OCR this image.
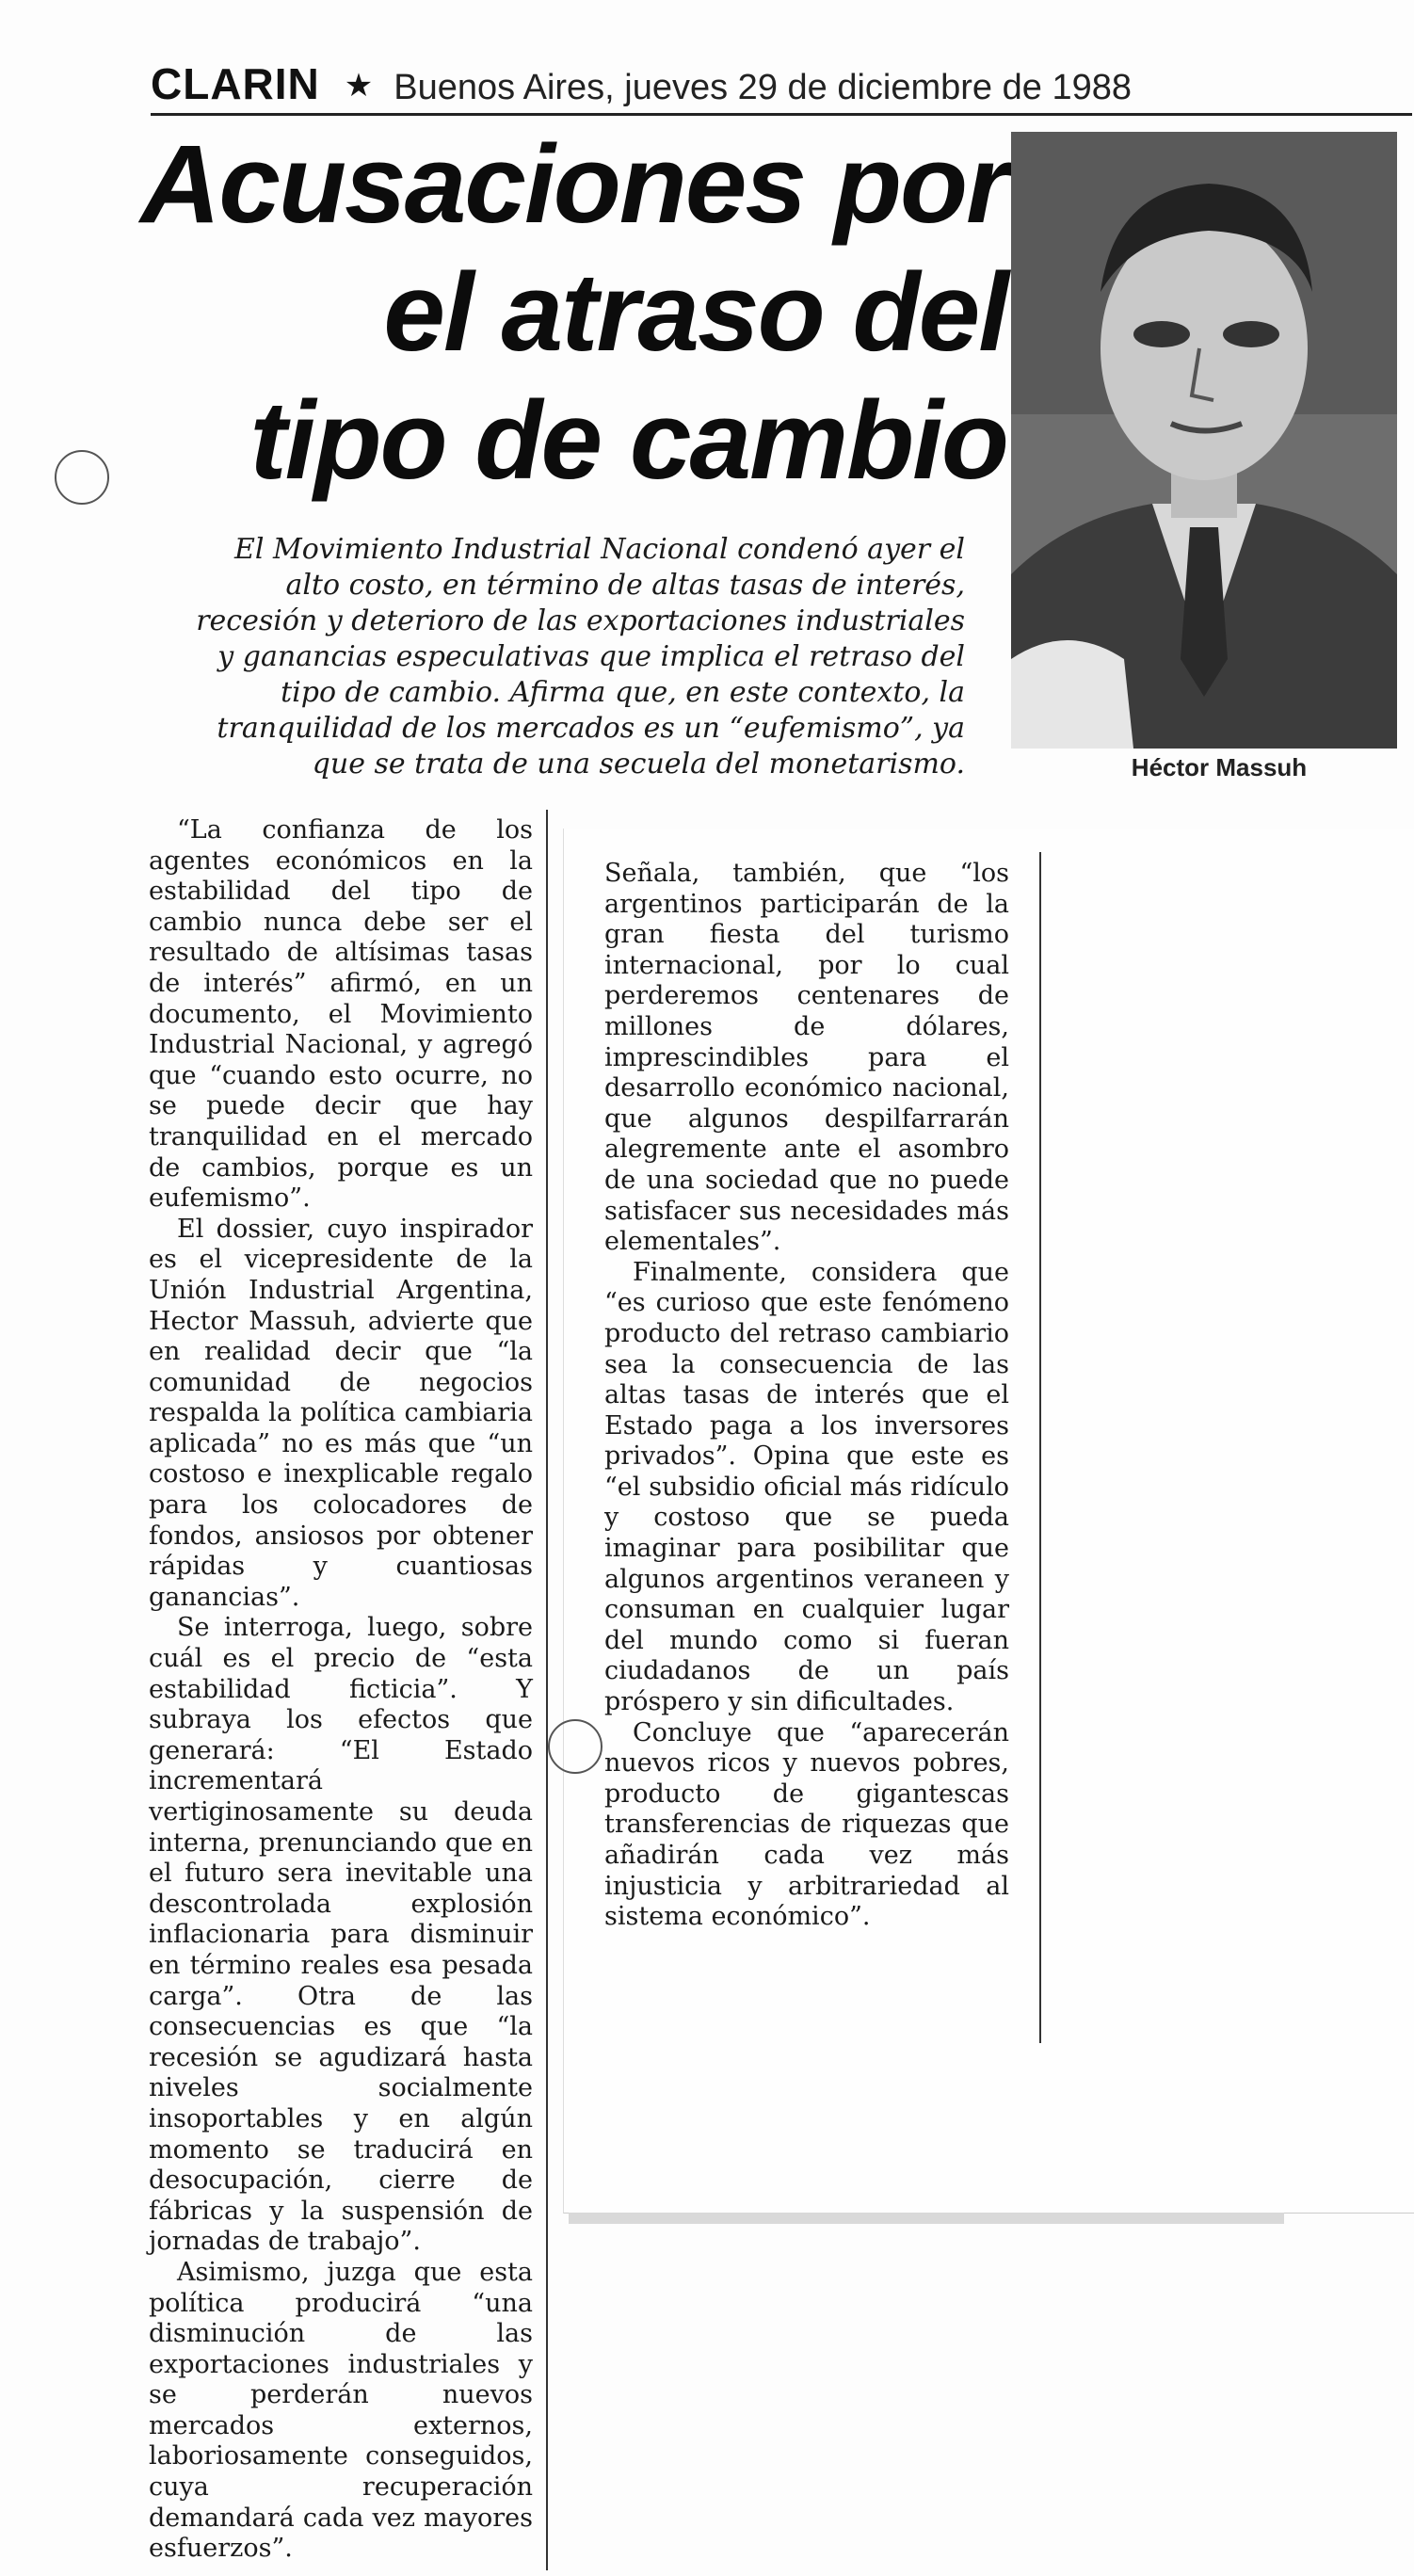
CLARIN ★ Buenos Aires, jueves 29 de diciembre de 1988
Acusaciones por
el atraso del
tipo de cambio
Héctor Massuh
El Movimiento Industrial Nacional condenó ayer el alto costo, en término de altas tasas de interés, recesión y deterioro de las exportaciones industriales y ganancias especulativas que implica el retraso del tipo de cambio. Afirma que, en este contexto, la tranquilidad de los mercados es un “eufemismo”, ya que se trata de una secuela del monetarismo.

“La confianza de los agentes económicos en la estabilidad del tipo de cambio nunca debe ser el resultado de altísimas tasas de interés” afirmó, en un documento, el Movimiento Industrial Nacional, y agregó que “cuando esto ocurre, no se puede decir que hay tranquilidad en el mercado de cambios, porque es un eufemismo”.

El dossier, cuyo inspirador es el vicepresidente de la Unión Industrial Argentina, Hector Massuh, advierte que en realidad decir que “la comunidad de negocios respalda la política cambiaria aplicada” no es más que “un costoso e inexplicable regalo para los colocadores de fondos, ansiosos por obtener rápidas y cuantiosas ganancias”.

Se interroga, luego, sobre cuál es el precio de “esta estabilidad ficticia”. Y subraya los efectos que generará: “El Estado incrementará vertiginosamente su deuda interna, prenunciando que en el futuro sera inevitable una descontrolada explosión inflacionaria para disminuir en término reales esa pesada carga”. Otra de las consecuencias es que “la recesión se agudizará hasta niveles socialmente insoportables y en algún momento se traducirá en desocupación, cierre de fábricas y la suspensión de jornadas de trabajo”.

Asimismo, juzga que esta política producirá “una disminución de las exportaciones industriales y se perderán nuevos mercados externos, laboriosamente conseguidos, cuya recuperación demandará cada vez mayores esfuerzos”.

Señala, también, que “los argentinos participarán de la gran fiesta del turismo internacional, por lo cual perderemos centenares de millones de dólares, imprescindibles para el desarrollo económico nacional, que algunos despilfarrarán alegremente ante el asombro de una sociedad que no puede satisfacer sus necesidades más elementales”.

Finalmente, considera que “es curioso que este fenómeno producto del retraso cambiario sea la consecuencia de las altas tasas de interés que el Estado paga a los inversores privados”. Opina que este es “el subsidio oficial más ridículo y costoso que se pueda imaginar para posibilitar que algunos argentinos veraneen y consuman en cualquier lugar del mundo como si fueran ciudadanos de un país próspero y sin dificultades.

Concluye que “aparecerán nuevos ricos y nuevos pobres, producto de gigantescas transferencias de riquezas que añadirán cada vez más injusticia y arbitrariedad al sistema económico”.
